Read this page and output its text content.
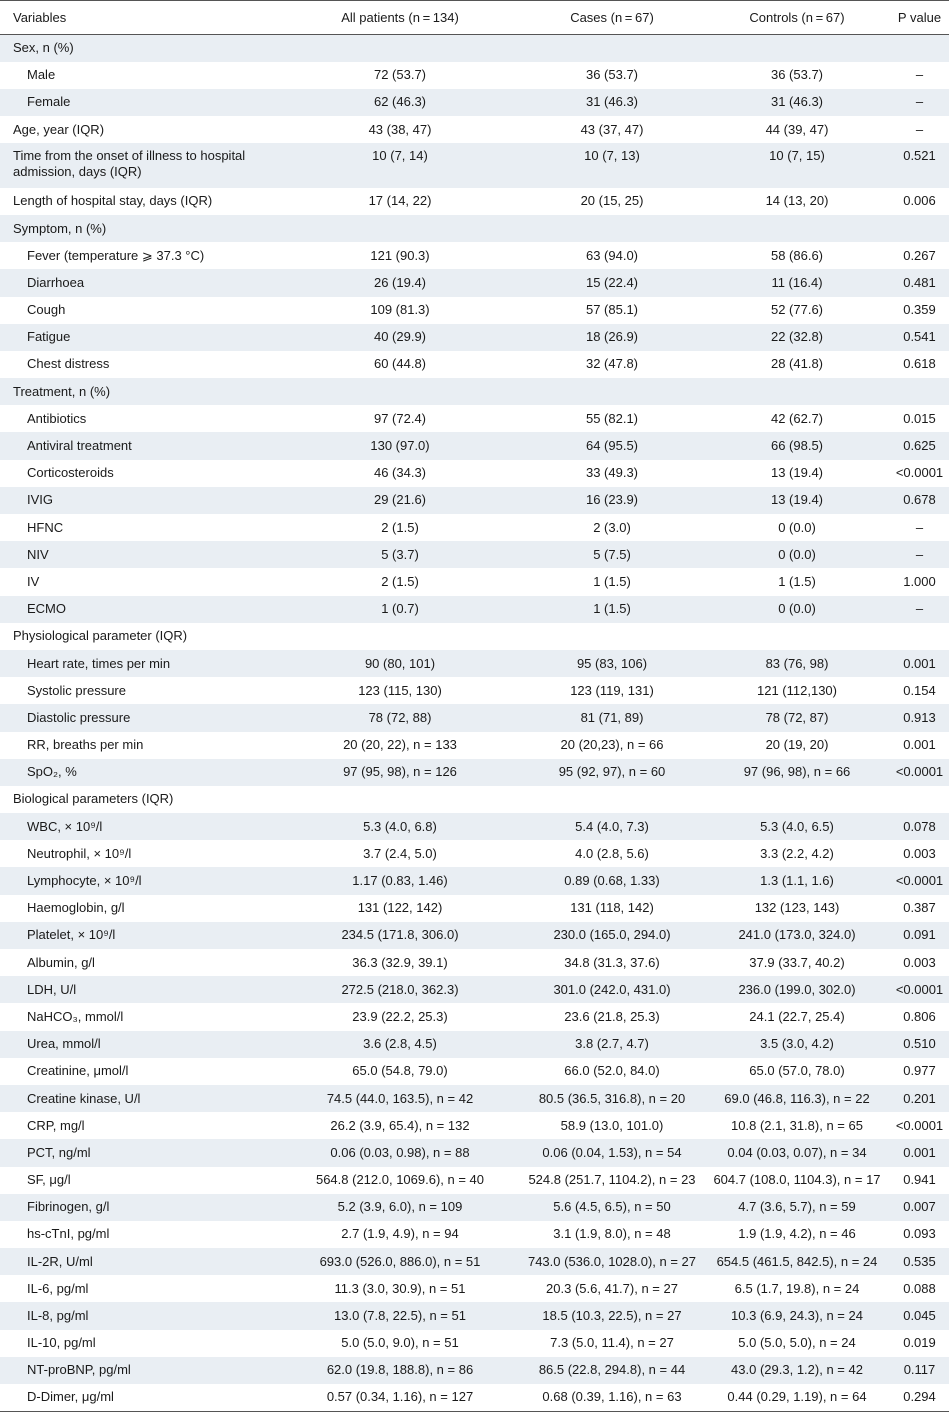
Variables	All patients (n = 134)	Cases (n = 67)	Controls (n = 67)	P value
Sex, n (%)				
Male	72 (53.7)	36 (53.7)	36 (53.7)	–
Female	62 (46.3)	31 (46.3)	31 (46.3)	–
Age, year (IQR)	43 (38, 47)	43 (37, 47)	44 (39, 47)	–
Time from the onset of illness to hospital admission, days (IQR)	10 (7, 14)	10 (7, 13)	10 (7, 15)	0.521
Length of hospital stay, days (IQR)	17 (14, 22)	20 (15, 25)	14 (13, 20)	0.006
Symptom, n (%)				
Fever (temperature ⩾ 37.3 °C)	121 (90.3)	63 (94.0)	58 (86.6)	0.267
Diarrhoea	26 (19.4)	15 (22.4)	11 (16.4)	0.481
Cough	109 (81.3)	57 (85.1)	52 (77.6)	0.359
Fatigue	40 (29.9)	18 (26.9)	22 (32.8)	0.541
Chest distress	60 (44.8)	32 (47.8)	28 (41.8)	0.618
Treatment, n (%)				
Antibiotics	97 (72.4)	55 (82.1)	42 (62.7)	0.015
Antiviral treatment	130 (97.0)	64 (95.5)	66 (98.5)	0.625
Corticosteroids	46 (34.3)	33 (49.3)	13 (19.4)	<0.0001
IVIG	29 (21.6)	16 (23.9)	13 (19.4)	0.678
HFNC	2 (1.5)	2 (3.0)	0 (0.0)	–
NIV	5 (3.7)	5 (7.5)	0 (0.0)	–
IV	2 (1.5)	1 (1.5)	1 (1.5)	1.000
ECMO	1 (0.7)	1 (1.5)	0 (0.0)	–
Physiological parameter (IQR)				
Heart rate, times per min	90 (80, 101)	95 (83, 106)	83 (76, 98)	0.001
Systolic pressure	123 (115, 130)	123 (119, 131)	121 (112,130)	0.154
Diastolic pressure	78 (72, 88)	81 (71, 89)	78 (72, 87)	0.913
RR, breaths per min	20 (20, 22), n = 133	20 (20,23), n = 66	20 (19, 20)	0.001
SpO₂, %	97 (95, 98), n = 126	95 (92, 97), n = 60	97 (96, 98), n = 66	<0.0001
Biological parameters (IQR)				
WBC, × 10⁹/l	5.3 (4.0, 6.8)	5.4 (4.0, 7.3)	5.3 (4.0, 6.5)	0.078
Neutrophil, × 10⁹/l	3.7 (2.4, 5.0)	4.0 (2.8, 5.6)	3.3 (2.2, 4.2)	0.003
Lymphocyte, × 10⁹/l	1.17 (0.83, 1.46)	0.89 (0.68, 1.33)	1.3 (1.1, 1.6)	<0.0001
Haemoglobin, g/l	131 (122, 142)	131 (118, 142)	132 (123, 143)	0.387
Platelet, × 10⁹/l	234.5 (171.8, 306.0)	230.0 (165.0, 294.0)	241.0 (173.0, 324.0)	0.091
Albumin, g/l	36.3 (32.9, 39.1)	34.8 (31.3, 37.6)	37.9 (33.7, 40.2)	0.003
LDH, U/l	272.5 (218.0, 362.3)	301.0 (242.0, 431.0)	236.0 (199.0, 302.0)	<0.0001
NaHCO₃, mmol/l	23.9 (22.2, 25.3)	23.6 (21.8, 25.3)	24.1 (22.7, 25.4)	0.806
Urea, mmol/l	3.6 (2.8, 4.5)	3.8 (2.7, 4.7)	3.5 (3.0, 4.2)	0.510
Creatinine, μmol/l	65.0 (54.8, 79.0)	66.0 (52.0, 84.0)	65.0 (57.0, 78.0)	0.977
Creatine kinase, U/l	74.5 (44.0, 163.5), n = 42	80.5 (36.5, 316.8), n = 20	69.0 (46.8, 116.3), n = 22	0.201
CRP, mg/l	26.2 (3.9, 65.4), n = 132	58.9 (13.0, 101.0)	10.8 (2.1, 31.8), n = 65	<0.0001
PCT, ng/ml	0.06 (0.03, 0.98), n = 88	0.06 (0.04, 1.53), n = 54	0.04 (0.03, 0.07), n = 34	0.001
SF, μg/l	564.8 (212.0, 1069.6), n = 40	524.8 (251.7, 1104.2), n = 23	604.7 (108.0, 1104.3), n = 17	0.941
Fibrinogen, g/l	5.2 (3.9, 6.0), n = 109	5.6 (4.5, 6.5), n = 50	4.7 (3.6, 5.7), n = 59	0.007
hs-cTnI, pg/ml	2.7 (1.9, 4.9), n = 94	3.1 (1.9, 8.0), n = 48	1.9 (1.9, 4.2), n = 46	0.093
IL-2R, U/ml	693.0 (526.0, 886.0), n = 51	743.0 (536.0, 1028.0), n = 27	654.5 (461.5, 842.5), n = 24	0.535
IL-6, pg/ml	11.3 (3.0, 30.9), n = 51	20.3 (5.6, 41.7), n = 27	6.5 (1.7, 19.8), n = 24	0.088
IL-8, pg/ml	13.0 (7.8, 22.5), n = 51	18.5 (10.3, 22.5), n = 27	10.3 (6.9, 24.3), n = 24	0.045
IL-10, pg/ml	5.0 (5.0, 9.0), n = 51	7.3 (5.0, 11.4), n = 27	5.0 (5.0, 5.0), n = 24	0.019
NT-proBNP, pg/ml	62.0 (19.8, 188.8), n = 86	86.5 (22.8, 294.8), n = 44	43.0 (29.3, 1.2), n = 42	0.117
D-Dimer, μg/ml	0.57 (0.34, 1.16), n = 127	0.68 (0.39, 1.16), n = 63	0.44 (0.29, 1.19), n = 64	0.294
